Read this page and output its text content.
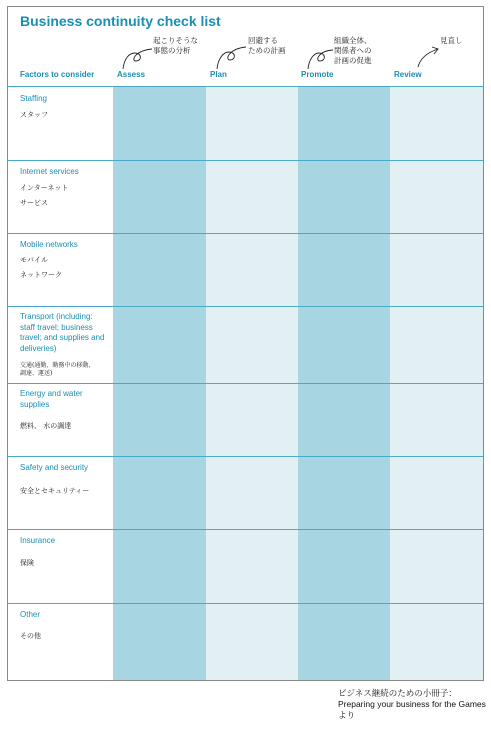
Business continuity check list
起こりそうな
事態の分析
回避する
ための計画
組織全体、
関係者への
計画の促進
見直し
Factors to consider	Assess	Plan	Promote	Review
Staffing
スタッフ
Internet services
インターネット
サービス
Mobile networks
モバイル
ネットワーク
Transport (including: staff travel; business travel; and supplies and deliveries)
交通(通勤、勤務中の移動、
調達、運送)
Energy and water supplies
燃料、 水の調達
Safety and security
安全とセキュリティー
Insurance
保険
Other
その他
ビジネス継続のための小冊子：Preparing your business for the Gamesより
